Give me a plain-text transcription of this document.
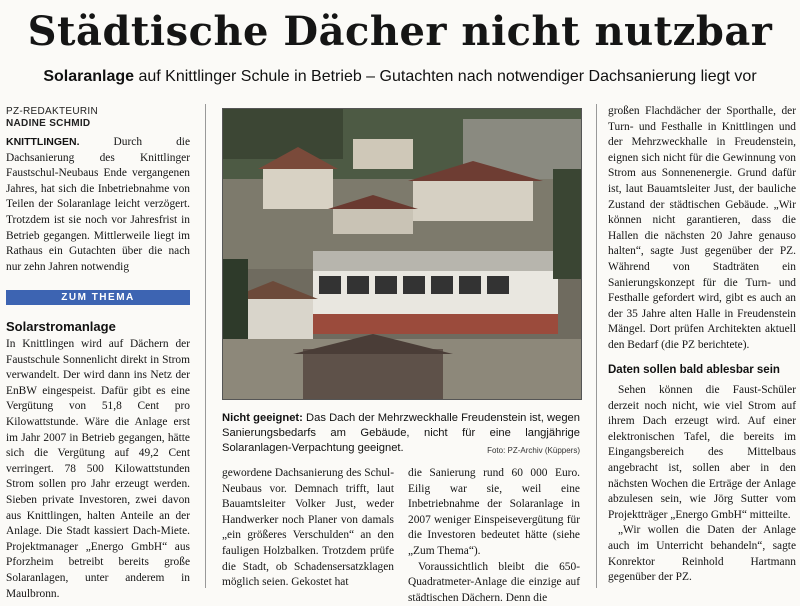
Städtische Dächer nicht nutzbar
Solaranlage auf Knittlinger Schule in Betrieb – Gutachten nach notwendiger Dachsanierung liegt vor
PZ-REDAKTEURIN
NADINE SCHMID

KNITTLINGEN. Durch die Dachsanierung des Knittlinger Faustschul-Neubaus Ende vergangenen Jahres, hat sich die Inbetriebnahme von Teilen der Solaranlage leicht verzögert. Trotzdem ist sie noch vor Jahresfrist in Betrieb gegangen. Mittlerweile liegt im Rathaus ein Gutachten über die nach nur zehn Jahren notwendig

ZUM THEMA
Solarstromanlage
In Knittlingen wird auf Dächern der Faustschule Sonnenlicht direkt in Strom verwandelt. Der wird dann ins Netz der EnBW eingespeist. Dafür gibt es eine Vergütung von 51,8 Cent pro Kilowattstunde. Wäre die Anlage erst im Jahr 2007 in Betrieb gegangen, hätte sich die Vergütung auf 49,2 Cent verringert. 78 500 Kilowattstunden Strom sollen pro Jahr erzeugt werden. Sieben private Investoren, zwei davon aus Knittlingen, halten Anteile an der Anlage. Die Stadt kassiert Dach-Miete. Projektmanager „Energo GmbH“ aus Pforzheim betreibt bereits große Solaranlagen, unter anderem in Maulbronn.
Nicht geeignet: Das Dach der Mehrzweckhalle Freudenstein ist, wegen Sanierungsbedarfs am Gebäude, nicht für eine langjährige Solaranlagen-Verpachtung geeignet.	Foto: PZ-Archiv (Küppers)
gewordene Dachsanierung des Schul-Neubaus vor. Demnach trifft, laut Bauamtsleiter Volker Just, weder Handwerker noch Planer von damals „ein größeres Verschulden“ an den fauligen Holzbalken. Trotzdem prüfe die Stadt, ob Schadensersatzklagen möglich seien. Gekostet hat

die Sanierung rund 60 000 Euro. Eilig war sie, weil eine Inbetriebnahme der Solaranlage in 2007 weniger Einspeisevergütung für die Investoren bedeutet hätte (siehe „Zum Thema“).

Voraussichtlich bleibt die 650-Quadratmeter-Anlage die einzige auf städtischen Dächern. Denn die

großen Flachdächer der Sporthalle, der Turn- und Festhalle in Knittlingen und der Mehrzweckhalle in Freudenstein, eignen sich nicht für die Gewinnung von Strom aus Sonnenenergie. Grund dafür ist, laut Bauamtsleiter Just, der bauliche Zustand der städtischen Gebäude. „Wir können nicht garantieren, dass die Hallen die nächsten 20 Jahre genauso halten“, sagte Just gegenüber der PZ. Während von Stadträten ein Sanierungskonzept für die Turn- und Festhalle gefordert wird, gibt es auch an der 35 Jahre alten Halle in Freudenstein Mängel. Dort prüfen Architekten aktuell den Bedarf (die PZ berichtete).
Daten sollen bald ablesbar sein

Sehen können die Faust-Schüler derzeit noch nicht, wie viel Strom auf ihrem Dach erzeugt wird. Auf einer elektronischen Tafel, die bereits im Eingangsbereich des Mittelbaus angebracht ist, sollen aber in den nächsten Wochen die Erträge der Anlage abzulesen sein, wie Jörg Sutter vom Projektträger „Energo GmbH“ mitteilte.

„Wir wollen die Daten der Anlage auch im Unterricht behandeln“, sagte Konrektor Reinhold Hartmann gegenüber der PZ.
